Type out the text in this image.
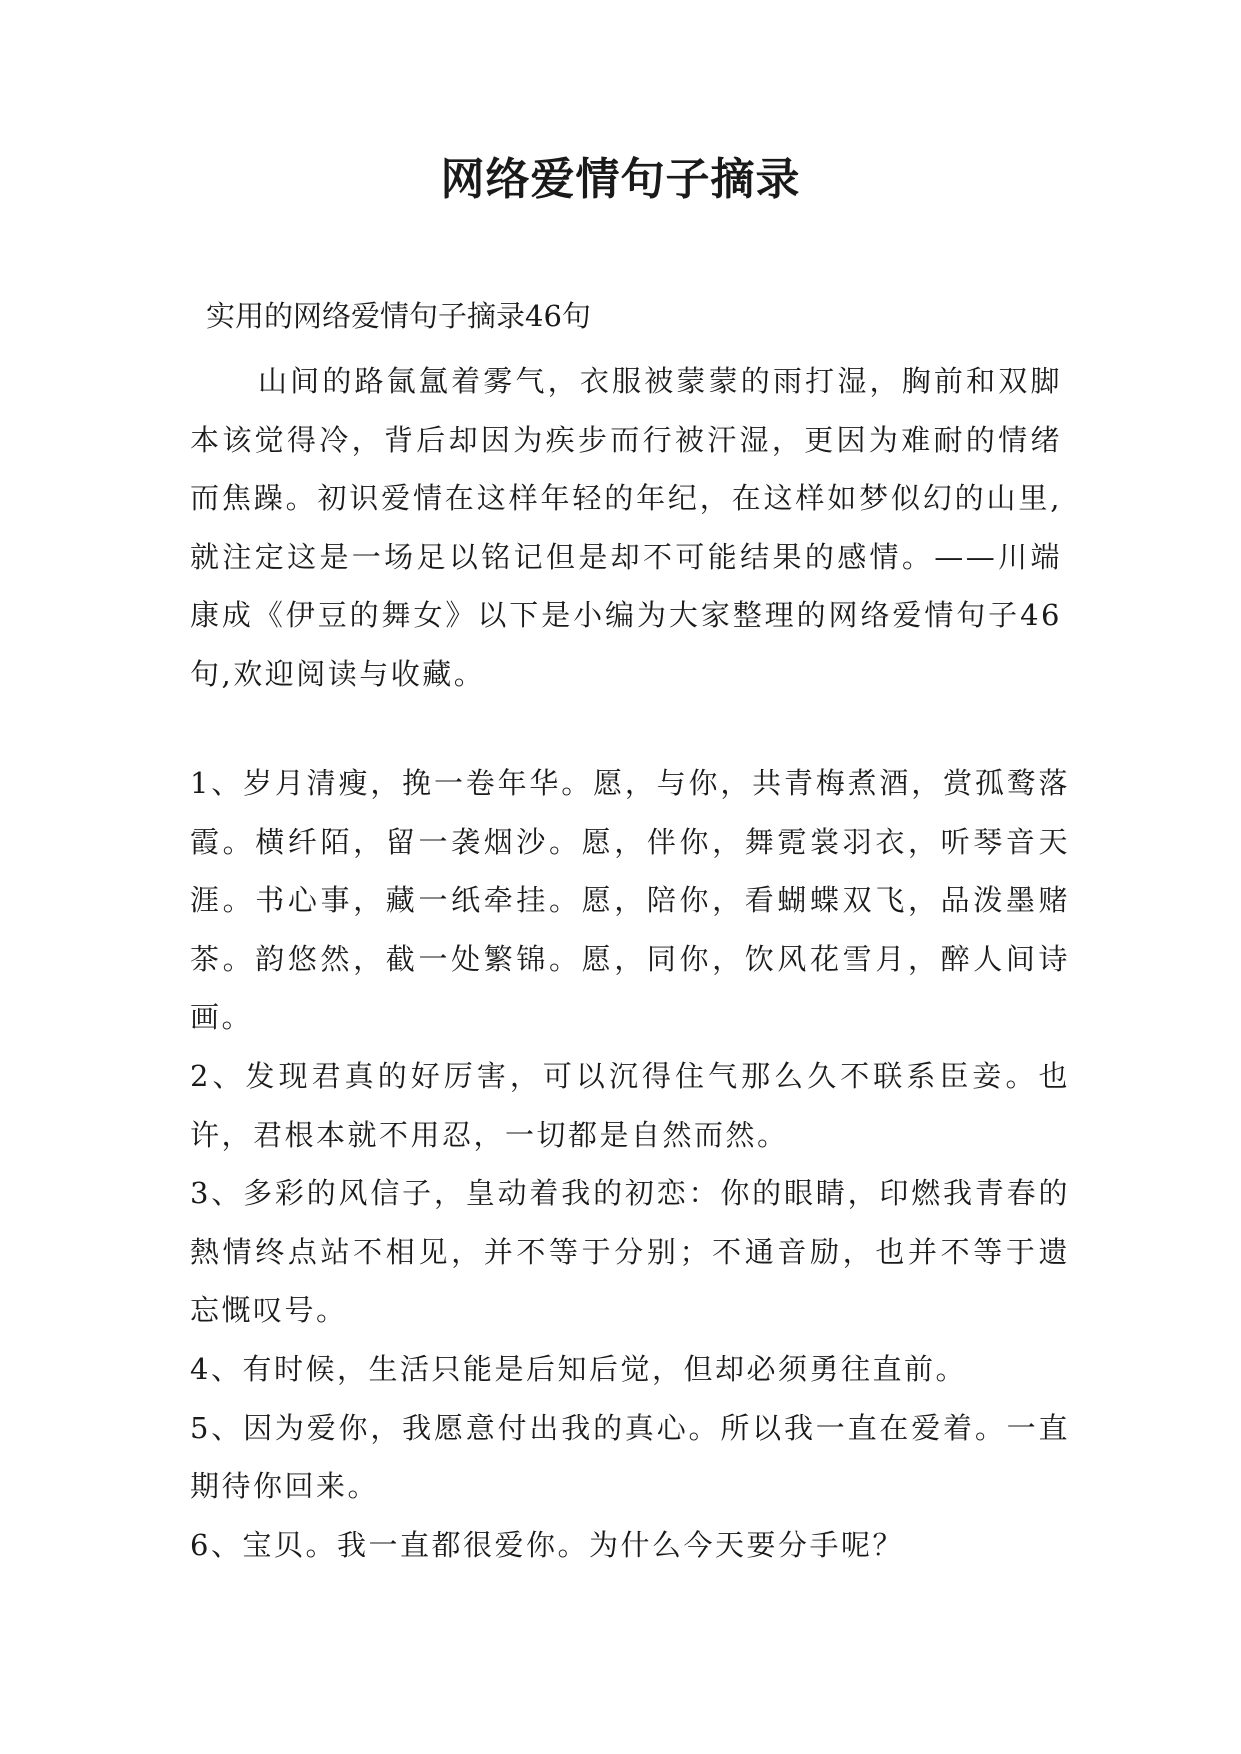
网络爱情句子摘录

实用的网络爱情句子摘录46句

山间的路氤氲着雾气，衣服被蒙蒙的雨打湿，胸前和双脚本该觉得冷，背后却因为疾步而行被汗湿，更因为难耐的情绪而焦躁。初识爱情在这样年轻的年纪，在这样如梦似幻的山里,就注定这是一场足以铭记但是却不可能结果的感情。——川端康成《伊豆的舞女》以下是小编为大家整理的网络爱情句子46句,欢迎阅读与收藏。

1、岁月清瘦，挽一卷年华。愿，与你，共青梅煮酒，赏孤鹜落霞。横纤陌，留一袭烟沙。愿，伴你，舞霓裳羽衣，听琴音天涯。书心事，藏一纸牵挂。愿，陪你，看蝴蝶双飞，品泼墨赌茶。韵悠然，截一处繁锦。愿，同你，饮风花雪月，醉人间诗画。
2、发现君真的好厉害，可以沉得住气那么久不联系臣妾。也许，君根本就不用忍，一切都是自然而然。
3、多彩的风信子，皇动着我的初恋：你的眼睛，印燃我青春的熱情终点站不相见，并不等于分别；不通音励，也并不等于遗忘慨叹号。
4、有时候，生活只能是后知后觉，但却必须勇往直前。
5、因为爱你，我愿意付出我的真心。所以我一直在爱着。一直期待你回来。
6、宝贝。我一直都很爱你。为什么今天要分手呢？
